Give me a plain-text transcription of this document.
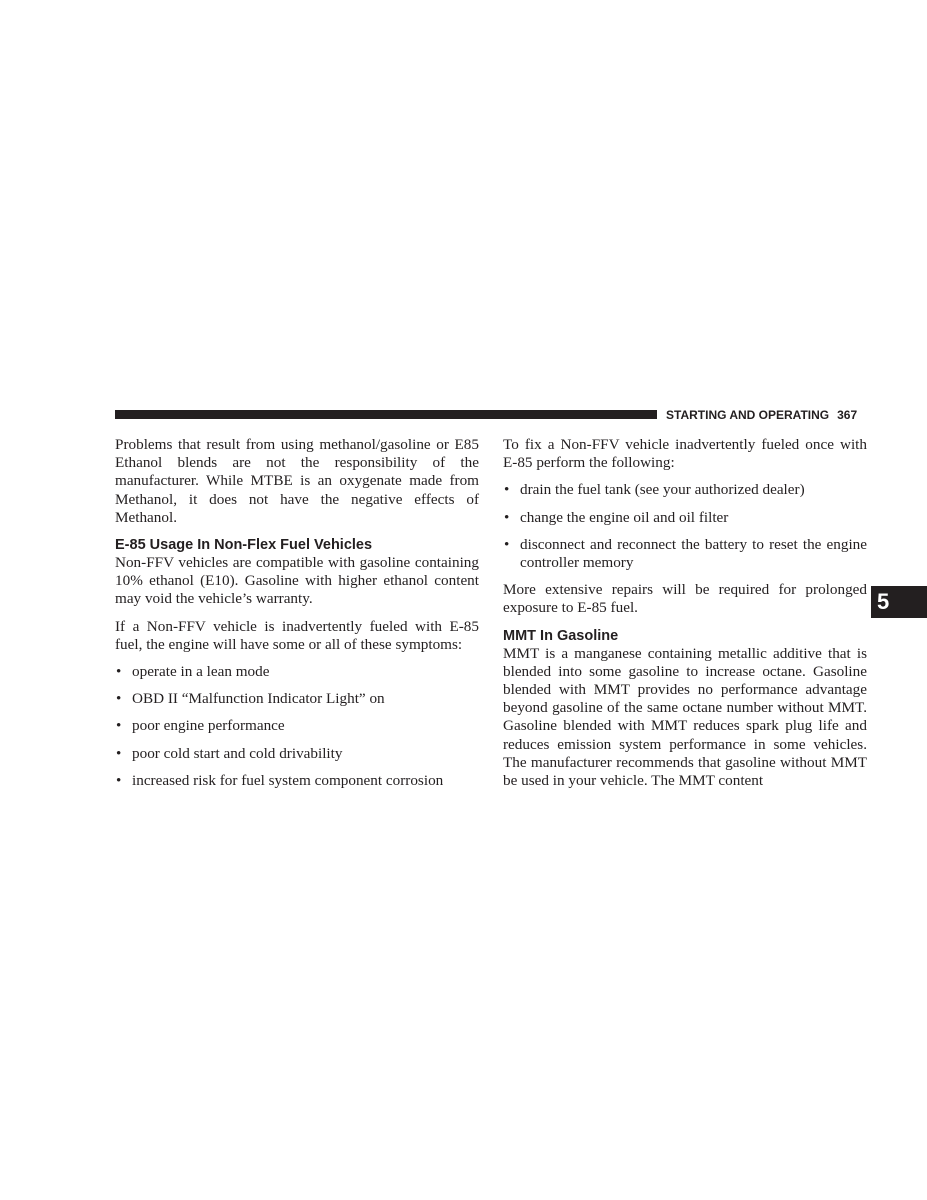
STARTING AND OPERATING 367
5

Problems that result from using methanol/gasoline or E85 Ethanol blends are not the responsibility of the manufacturer. While MTBE is an oxygenate made from Methanol, it does not have the negative effects of Methanol.

E-85 Usage In Non-Flex Fuel Vehicles

Non-FFV vehicles are compatible with gasoline containing 10% ethanol (E10). Gasoline with higher ethanol content may void the vehicle’s warranty.

If a Non-FFV vehicle is inadvertently fueled with E-85 fuel, the engine will have some or all of these symptoms:

• operate in a lean mode
• OBD II “Malfunction Indicator Light” on
• poor engine performance
• poor cold start and cold drivability
• increased risk for fuel system component corrosion

To fix a Non-FFV vehicle inadvertently fueled once with E-85 perform the following:

• drain the fuel tank (see your authorized dealer)
• change the engine oil and oil filter
• disconnect and reconnect the battery to reset the engine controller memory

More extensive repairs will be required for prolonged exposure to E-85 fuel.

MMT In Gasoline

MMT is a manganese containing metallic additive that is blended into some gasoline to increase octane. Gasoline blended with MMT provides no performance advantage beyond gasoline of the same octane number without MMT. Gasoline blended with MMT reduces spark plug life and reduces emission system performance in some vehicles. The manufacturer recommends that gasoline without MMT be used in your vehicle. The MMT content
